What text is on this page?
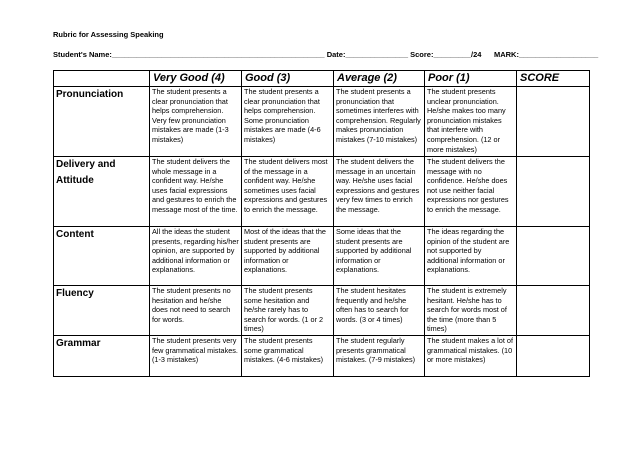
Rubric for Assessing Speaking
Student's Name:___________________________________________________ Date:_______________ Score:_________/24 MARK:___________________
	Very Good (4)	Good (3)	Average (2)	Poor (1)	SCORE
Pronunciation	The student presents a clear pronunciation that helps comprehension. Very few pronunciation mistakes are made (1-3 mistakes)	The student presents a clear pronunciation that helps comprehension. Some pronunciation mistakes are made (4-6 mistakes)	The student presents a pronunciation that sometimes interferes with comprehension. Regularly makes pronunciation mistakes (7-10 mistakes)	The student presents unclear pronunciation. He/she makes too many pronunciation mistakes that interfere with comprehension. (12 or more mistakes)	
Delivery and Attitude	The student delivers the whole message in a confident way. He/she uses facial expressions and gestures to enrich the message most of the time.	The student delivers most of the message in a confident way. He/she sometimes uses facial expressions and gestures to enrich the message.	The student delivers the message in an uncertain way. He/she uses facial expressions and gestures very few times to enrich the message.	The student delivers the message with no confidence. He/she does not use neither facial expressions nor gestures to enrich the message.	
Content	All the ideas the student presents, regarding his/her opinion, are supported by additional information or explanations.	Most of the ideas that the student presents are supported by additional information or explanations.	Some ideas that the student presents are supported by additional information or explanations.	The ideas regarding the opinion of the student are not supported by additional information or explanations.	
Fluency	The student presents no hesitation and he/she does not need to search for words.	The student presents some hesitation and he/she rarely has to search for words. (1 or 2 times)	The student hesitates frequently and he/she often has to search for words. (3 or 4 times)	The student is extremely hesitant. He/she has to search for words most of the time (more than 5 times)	
Grammar	The student presents very few grammatical mistakes. (1-3 mistakes)	The student presents some grammatical mistakes. (4-6 mistakes)	The student regularly presents grammatical mistakes. (7-9 mistakes)	The student makes a lot of grammatical mistakes. (10 or more mistakes)	
